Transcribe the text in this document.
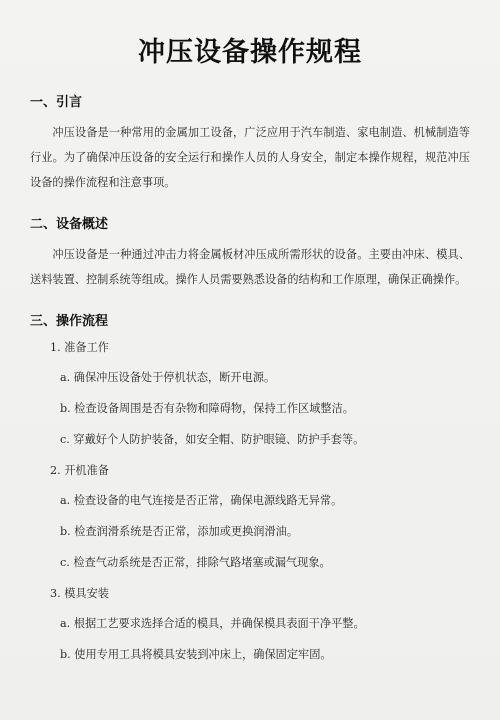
冲压设备操作规程
一、引言

冲压设备是一种常用的金属加工设备，广泛应用于汽车制造、家电制造、机械制造等行业。为了确保冲压设备的安全运行和操作人员的人身安全，制定本操作规程，规范冲压设备的操作流程和注意事项。

二、设备概述

冲压设备是一种通过冲击力将金属板材冲压成所需形状的设备。主要由冲床、模具、送料装置、控制系统等组成。操作人员需要熟悉设备的结构和工作原理，确保正确操作。

三、操作流程
1. 准备工作
a. 确保冲压设备处于停机状态，断开电源。
b. 检查设备周围是否有杂物和障碍物，保持工作区域整洁。
c. 穿戴好个人防护装备，如安全帽、防护眼镜、防护手套等。
2. 开机准备
a. 检查设备的电气连接是否正常，确保电源线路无异常。
b. 检查润滑系统是否正常，添加或更换润滑油。
c. 检查气动系统是否正常，排除气路堵塞或漏气现象。
3. 模具安装
a. 根据工艺要求选择合适的模具，并确保模具表面干净平整。
b. 使用专用工具将模具安装到冲床上，确保固定牢固。
